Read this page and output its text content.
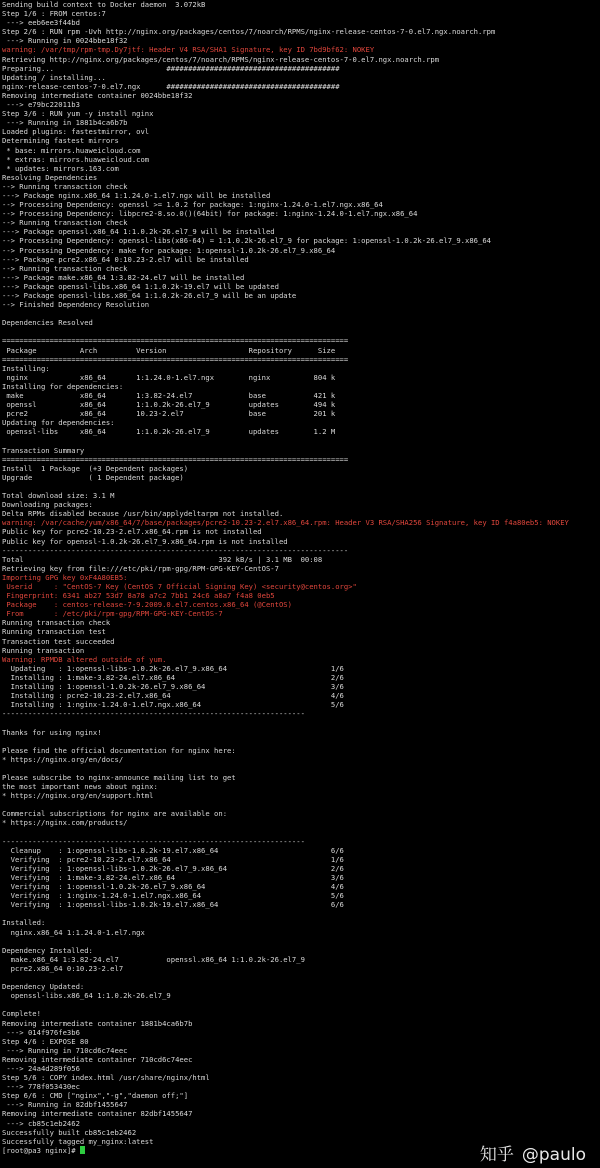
Sending build context to Docker daemon  3.072kB
Step 1/6 : FROM centos:7
---> eeb6ee3f44bd
Step 2/6 : RUN rpm -Uvh http://nginx.org/packages/centos/7/noarch/RPMS/nginx-release-centos-7-0.el7.ngx.noarch.rpm
---> Running in 0024bbe18f32
warning: /var/tmp/rpm-tmp.Dy7jtf: Header V4 RSA/SHA1 Signature, key ID 7bd9bf62: NOKEY
Retrieving http://nginx.org/packages/centos/7/noarch/RPMS/nginx-release-centos-7-0.el7.ngx.noarch.rpm
Preparing...                          ########################################
Updating / installing...
nginx-release-centos-7-0.el7.ngx      ########################################
Removing intermediate container 0024bbe18f32
---> e79bc22011b3
Step 3/6 : RUN yum -y install nginx
---> Running in 1881b4ca6b7b
Loaded plugins: fastestmirror, ovl
Determining fastest mirrors
* base: mirrors.huaweicloud.com
* extras: mirrors.huaweicloud.com
* updates: mirrors.163.com
Resolving Dependencies
--> Running transaction check
---> Package nginx.x86_64 1:1.24.0-1.el7.ngx will be installed
--> Processing Dependency: openssl >= 1.0.2 for package: 1:nginx-1.24.0-1.el7.ngx.x86_64
--> Processing Dependency: libpcre2-8.so.0()(64bit) for package: 1:nginx-1.24.0-1.el7.ngx.x86_64
--> Running transaction check
---> Package openssl.x86_64 1:1.0.2k-26.el7_9 will be installed
--> Processing Dependency: openssl-libs(x86-64) = 1:1.0.2k-26.el7_9 for package: 1:openssl-1.0.2k-26.el7_9.x86_64
--> Processing Dependency: make for package: 1:openssl-1.0.2k-26.el7_9.x86_64
---> Package pcre2.x86_64 0:10.23-2.el7 will be installed
--> Running transaction check
---> Package make.x86_64 1:3.82-24.el7 will be installed
---> Package openssl-libs.x86_64 1:1.0.2k-19.el7 will be updated
---> Package openssl-libs.x86_64 1:1.0.2k-26.el7_9 will be an update
--> Finished Dependency Resolution
Dependencies Resolved
================================================================================
Package          Arch         Version                   Repository      Size
================================================================================
Installing:
nginx            x86_64       1:1.24.0-1.el7.ngx        nginx          804 k
Installing for dependencies:
make             x86_64       1:3.82-24.el7             base           421 k
openssl          x86_64       1:1.0.2k-26.el7_9         updates        494 k
pcre2            x86_64       10.23-2.el7               base           201 k
Updating for dependencies:
openssl-libs     x86_64       1:1.0.2k-26.el7_9         updates        1.2 M
Transaction Summary
================================================================================
Install  1 Package  (+3 Dependent packages)
Upgrade             ( 1 Dependent package)
Total download size: 3.1 M
Downloading packages:
Delta RPMs disabled because /usr/bin/applydeltarpm not installed.
warning: /var/cache/yum/x86_64/7/base/packages/pcre2-10.23-2.el7.x86_64.rpm: Header V3 RSA/SHA256 Signature, key ID f4a80eb5: NOKEY
Public key for pcre2-10.23-2.el7.x86_64.rpm is not installed
Public key for openssl-1.0.2k-26.el7_9.x86_64.rpm is not installed
--------------------------------------------------------------------------------
Total                                             392 kB/s | 3.1 MB  00:08
Retrieving key from file:///etc/pki/rpm-gpg/RPM-GPG-KEY-CentOS-7
Importing GPG key 0xF4A80EB5:
Userid     : "CentOS-7 Key (CentOS 7 Official Signing Key) <security@centos.org>"
Fingerprint: 6341 ab27 53d7 8a78 a7c2 7bb1 24c6 a8a7 f4a8 0eb5
Package    : centos-release-7-9.2009.0.el7.centos.x86_64 (@CentOS)
From       : /etc/pki/rpm-gpg/RPM-GPG-KEY-CentOS-7
Running transaction check
Running transaction test
Transaction test succeeded
Running transaction
Warning: RPMDB altered outside of yum.
Updating   : 1:openssl-libs-1.0.2k-26.el7_9.x86_64                        1/6
Installing : 1:make-3.82-24.el7.x86_64                                    2/6
Installing : 1:openssl-1.0.2k-26.el7_9.x86_64                             3/6
Installing : pcre2-10.23-2.el7.x86_64                                     4/6
Installing : 1:nginx-1.24.0-1.el7.ngx.x86_64                              5/6
----------------------------------------------------------------------
Thanks for using nginx!
Please find the official documentation for nginx here:
* https://nginx.org/en/docs/
Please subscribe to nginx-announce mailing list to get
the most important news about nginx:
* https://nginx.org/en/support.html
Commercial subscriptions for nginx are available on:
* https://nginx.com/products/
----------------------------------------------------------------------
Cleanup    : 1:openssl-libs-1.0.2k-19.el7.x86_64                          6/6
Verifying  : pcre2-10.23-2.el7.x86_64                                     1/6
Verifying  : 1:openssl-libs-1.0.2k-26.el7_9.x86_64                        2/6
Verifying  : 1:make-3.82-24.el7.x86_64                                    3/6
Verifying  : 1:openssl-1.0.2k-26.el7_9.x86_64                             4/6
Verifying  : 1:nginx-1.24.0-1.el7.ngx.x86_64                              5/6
Verifying  : 1:openssl-libs-1.0.2k-19.el7.x86_64                          6/6
Installed:
nginx.x86_64 1:1.24.0-1.el7.ngx
Dependency Installed:
make.x86_64 1:3.82-24.el7           openssl.x86_64 1:1.0.2k-26.el7_9
pcre2.x86_64 0:10.23-2.el7
Dependency Updated:
openssl-libs.x86_64 1:1.0.2k-26.el7_9
Complete!
Removing intermediate container 1881b4ca6b7b
---> 014f976fe3b6
Step 4/6 : EXPOSE 80
---> Running in 710cd6c74eec
Removing intermediate container 710cd6c74eec
---> 24a4d289f056
Step 5/6 : COPY index.html /usr/share/nginx/html
---> 778f053430ec
Step 6/6 : CMD ["nginx","-g","daemon off;"]
---> Running in 82dbf1455647
Removing intermediate container 82dbf1455647
---> cb85c1eb2462
Successfully built cb85c1eb2462
Successfully tagged my_nginx:latest
[root@pa3 nginx]#	知乎 @paulo
